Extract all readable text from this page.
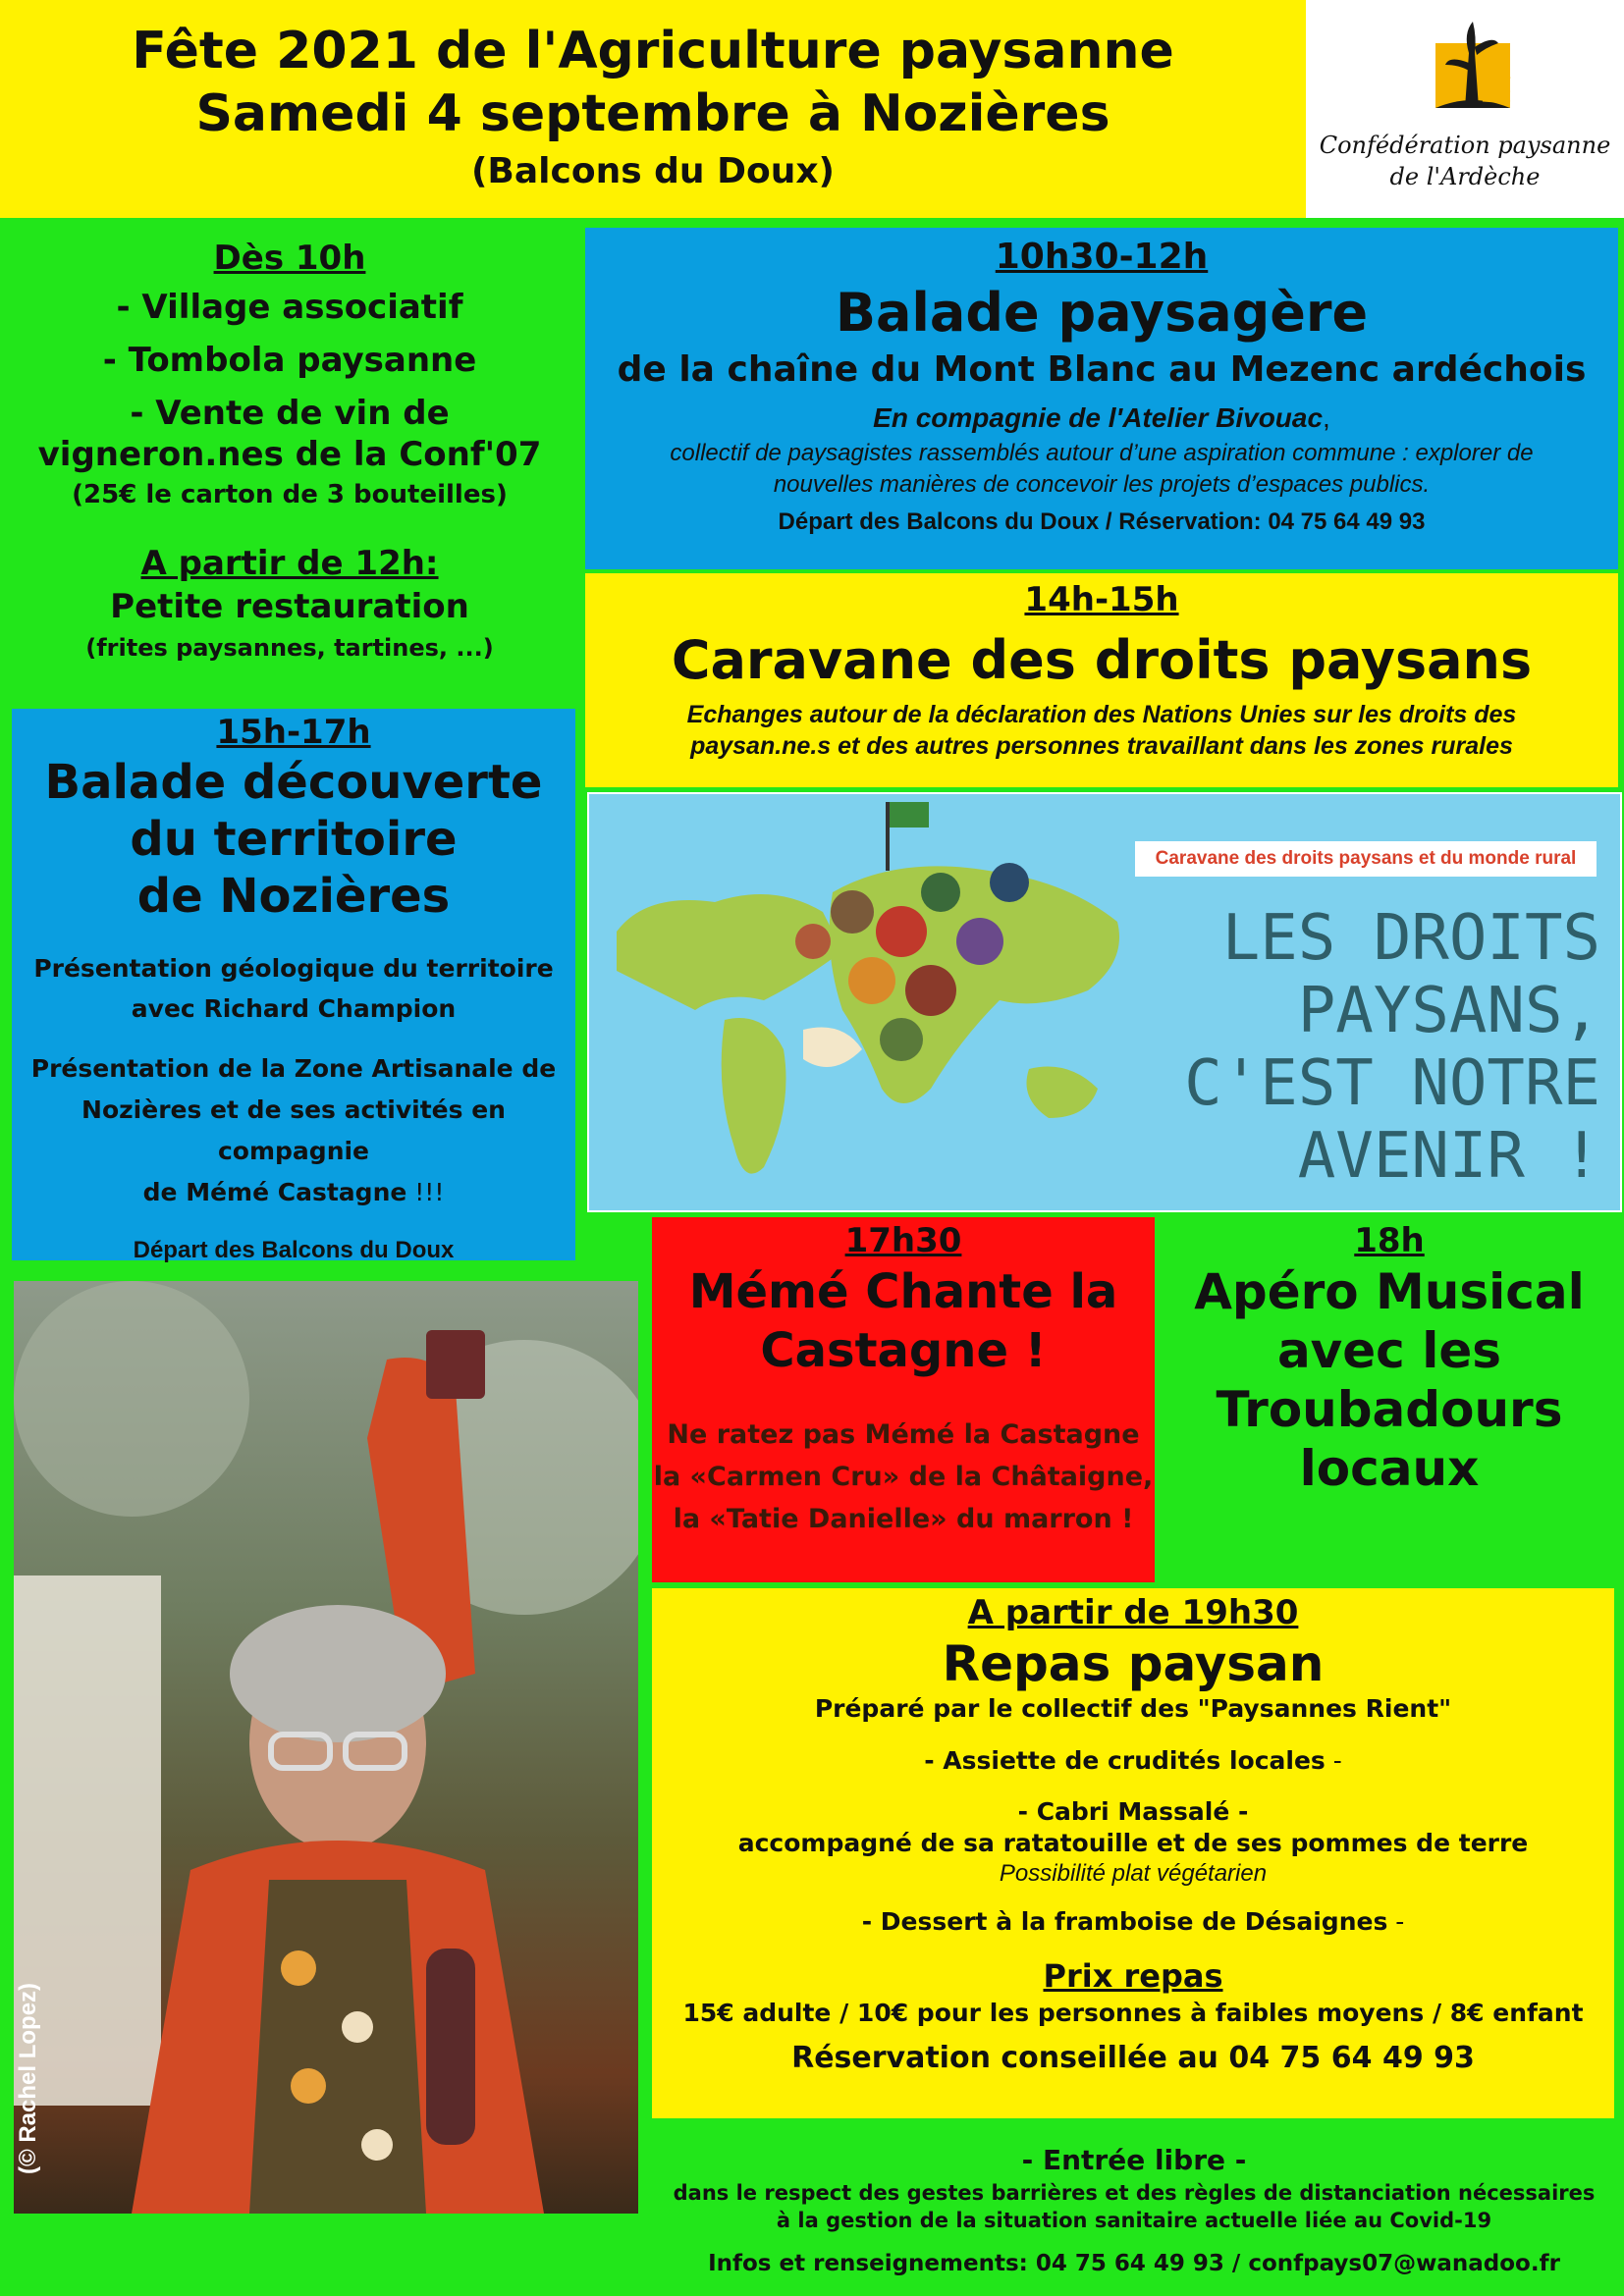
Fête 2021 de l'Agriculture paysanne
Samedi 4 septembre à Nozières
(Balcons du Doux)
Confédération paysanne
de l'Ardèche
Dès 10h
- Village associatif
- Tombola paysanne
- Vente de vin de
vigneron.nes de la Conf'07
(25€ le carton de 3 bouteilles)
A partir de 12h:
Petite restauration
(frites paysannes, tartines, ...)
10h30-12h
Balade paysagère
de la chaîne du Mont Blanc au Mezenc ardéchois
En compagnie de l'Atelier Bivouac,
collectif de paysagistes rassemblés autour d’une aspiration commune : explorer de
nouvelles manières de concevoir les projets d’espaces publics.
Départ des Balcons du Doux / Réservation: 04 75 64 49 93
14h-15h
Caravane des droits paysans
Echanges autour de la déclaration des Nations Unies sur les droits des
paysan.ne.s et des autres personnes travaillant dans les zones rurales
Caravane des droits paysans et du monde rural
LES DROITS
PAYSANS,
C'EST NOTRE
AVENIR !
15h-17h
Balade découverte
du territoire
de Nozières
Présentation géologique du territoire
avec Richard Champion
Présentation de la Zone Artisanale de
Nozières et de ses activités en compagnie
de Mémé Castagne !!!
Départ des Balcons du Doux
(© Rachel Lopez)
17h30
Mémé Chante la
Castagne !
Ne ratez pas Mémé la Castagne
la «Carmen Cru» de la Châtaigne,
la «Tatie Danielle» du marron !
18h
Apéro Musical
avec les
Troubadours
locaux
A partir de 19h30
Repas paysan
Préparé par le collectif des "Paysannes Rient"
- Assiette de crudités locales -
- Cabri Massalé -
accompagné de sa ratatouille et de ses pommes de terre
Possibilité plat végétarien
- Dessert à la framboise de Désaignes -
Prix repas
15€ adulte / 10€ pour les personnes à faibles moyens / 8€ enfant
Réservation conseillée au 04 75 64 49 93
- Entrée libre -
dans le respect des gestes barrières et des règles de distanciation nécessaires
à la gestion de la situation sanitaire actuelle liée au Covid-19
Infos et renseignements: 04 75 64 49 93 / confpays07@wanadoo.fr
